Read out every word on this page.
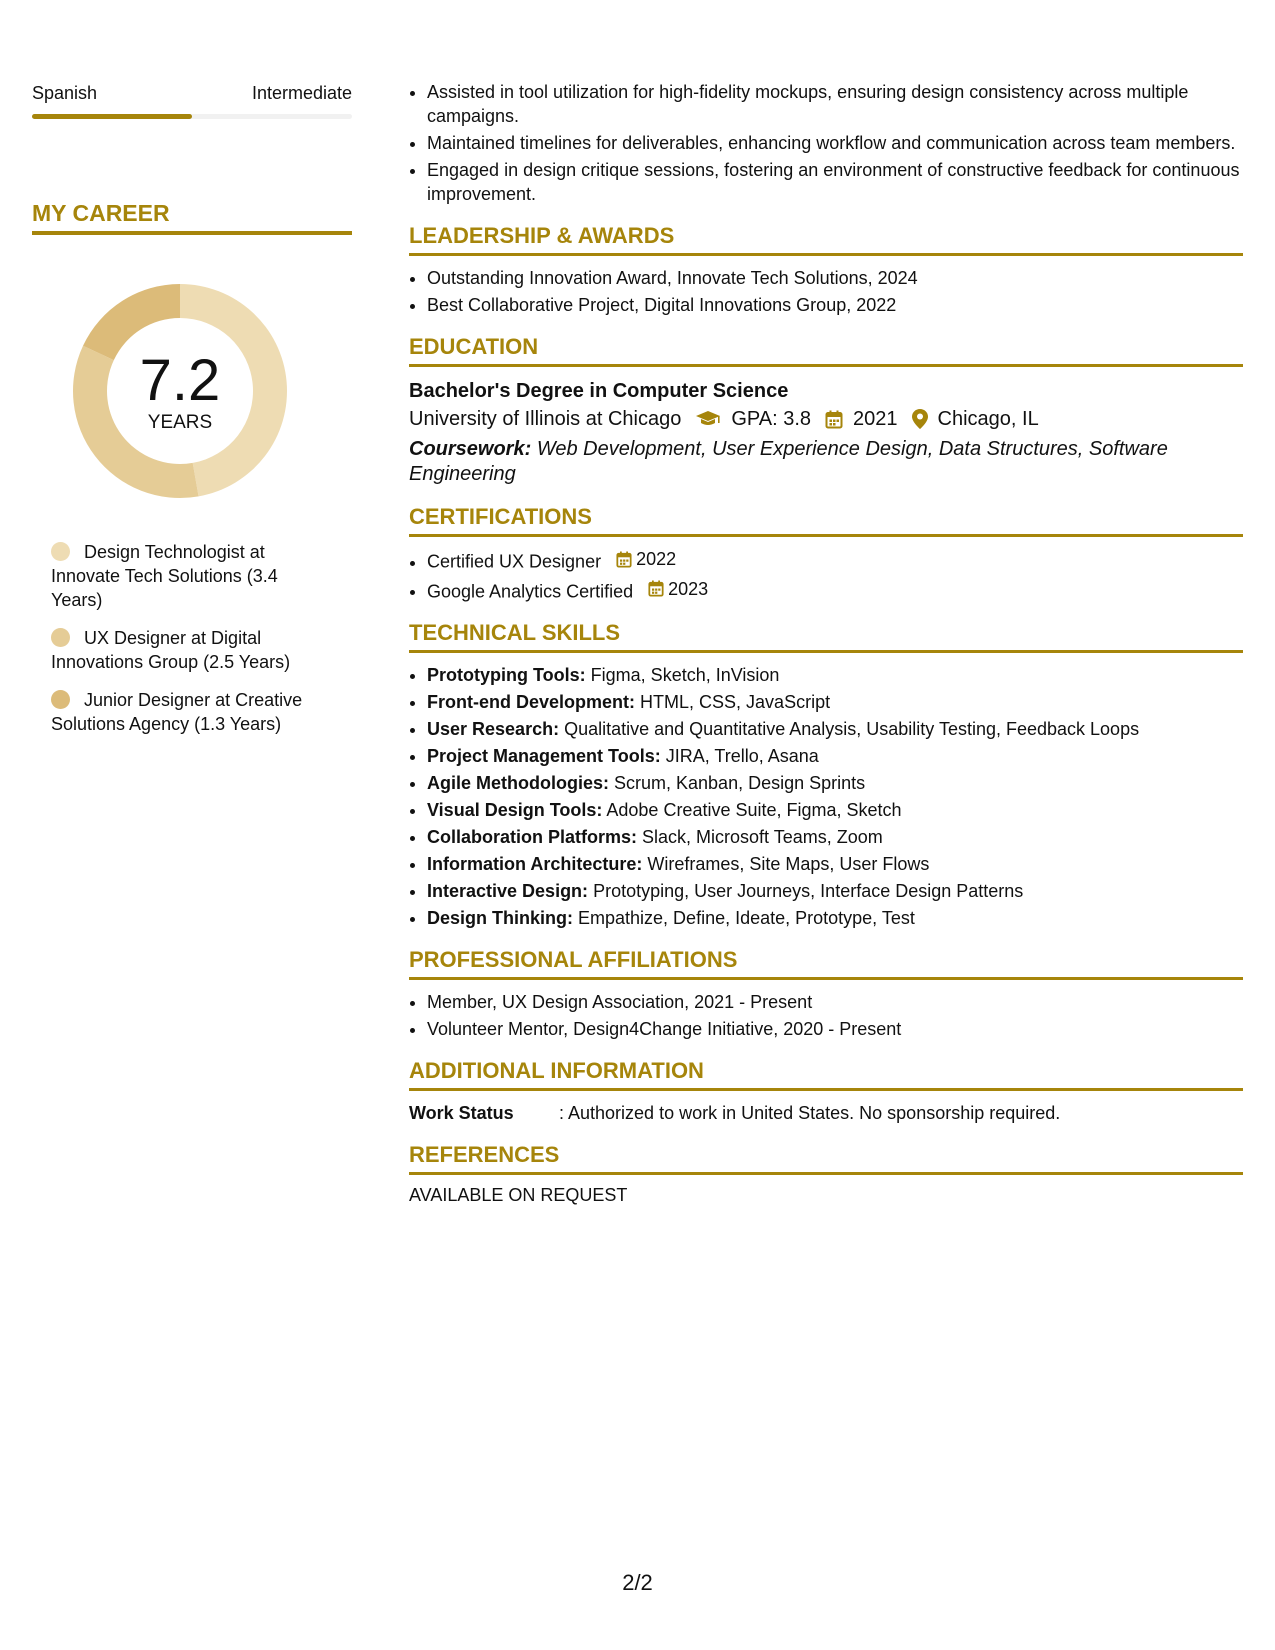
Spanish	Intermediate
MY CAREER
7.2
YEARS
Design Technologist at Innovate Tech Solutions (3.4 Years)
UX Designer at Digital Innovations Group (2.5 Years)
Junior Designer at Creative Solutions Agency (1.3 Years)
• Assisted in tool utilization for high-fidelity mockups, ensuring design consistency across multiple campaigns.
• Maintained timelines for deliverables, enhancing workflow and communication across team members.
• Engaged in design critique sessions, fostering an environment of constructive feedback for continuous improvement.
LEADERSHIP & AWARDS
• Outstanding Innovation Award, Innovate Tech Solutions, 2024
• Best Collaborative Project, Digital Innovations Group, 2022
EDUCATION
Bachelor's Degree in Computer Science
University of Illinois at Chicago	GPA: 3.8 2021 Chicago, IL
Coursework: Web Development, User Experience Design, Data Structures, Software Engineering
CERTIFICATIONS
• Certified UX Designer 2022
• Google Analytics Certified 2023
TECHNICAL SKILLS
• Prototyping Tools: Figma, Sketch, InVision
• Front-end Development: HTML, CSS, JavaScript
• User Research: Qualitative and Quantitative Analysis, Usability Testing, Feedback Loops
• Project Management Tools: JIRA, Trello, Asana
• Agile Methodologies: Scrum, Kanban, Design Sprints
• Visual Design Tools: Adobe Creative Suite, Figma, Sketch
• Collaboration Platforms: Slack, Microsoft Teams, Zoom
• Information Architecture: Wireframes, Site Maps, User Flows
• Interactive Design: Prototyping, User Journeys, Interface Design Patterns
• Design Thinking: Empathize, Define, Ideate, Prototype, Test
PROFESSIONAL AFFILIATIONS
• Member, UX Design Association, 2021 - Present
• Volunteer Mentor, Design4Change Initiative, 2020 - Present
ADDITIONAL INFORMATION
Work Status	: Authorized to work in United States. No sponsorship required.
REFERENCES
AVAILABLE ON REQUEST
2/2
